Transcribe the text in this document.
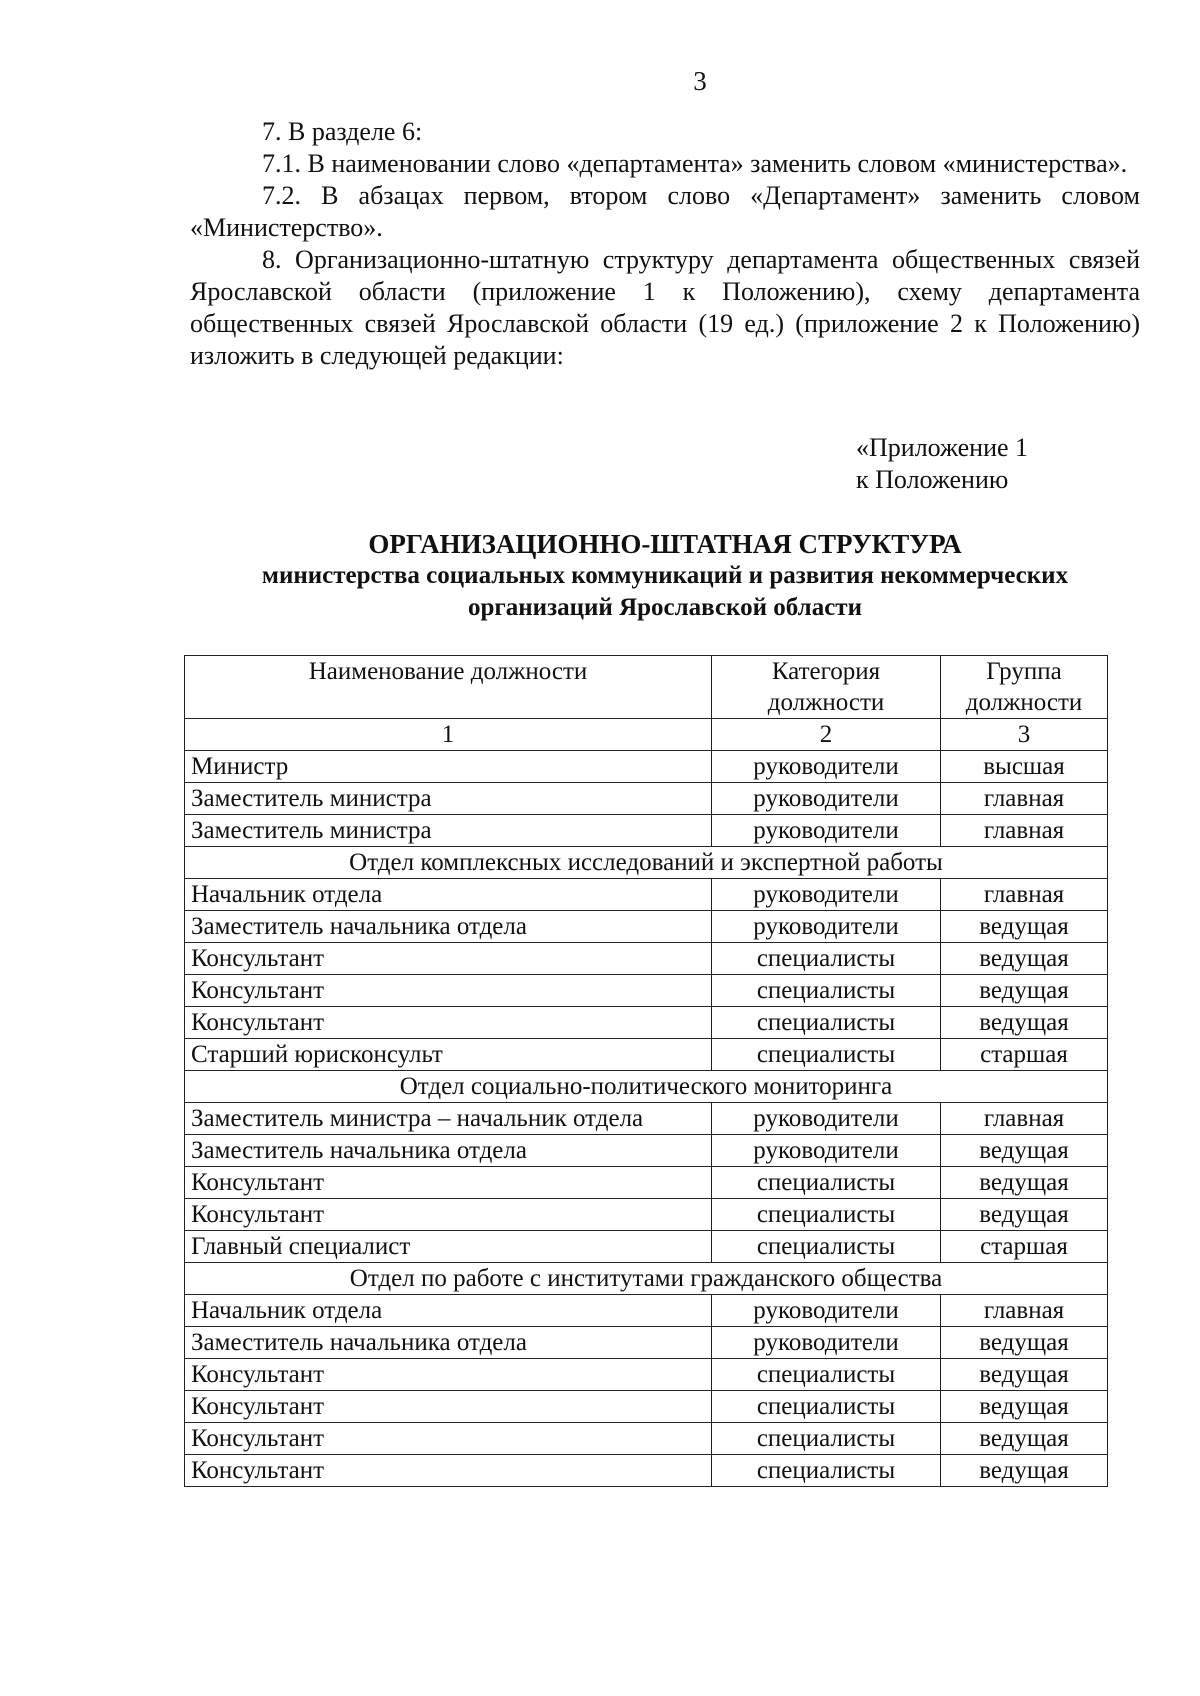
3

7. В разделе 6:

7.1. В наименовании слово «департамента» заменить словом «министерства».

7.2. В абзацах первом, втором слово «Департамент» заменить словом «Министерство».

8. Организационно-штатную структуру департамента общественных связей Ярославской области (приложение 1 к Положению), схему департамента общественных связей Ярославской области (19 ед.) (приложение 2 к Положению) изложить в следующей редакции:

«Приложение 1
к Положению
ОРГАНИЗАЦИОННО-ШТАТНАЯ СТРУКТУРА
министерства социальных коммуникаций и развития некоммерческих
организаций Ярославской области
Наименование должности	Категория должности	Группа должности
1	2	3
Министр	руководители	высшая
Заместитель министра	руководители	главная
Заместитель министра	руководители	главная
Отдел комплексных исследований и экспертной работы		
Начальник отдела	руководители	главная
Заместитель начальника отдела	руководители	ведущая
Консультант	специалисты	ведущая
Консультант	специалисты	ведущая
Консультант	специалисты	ведущая
Старший юрисконсульт	специалисты	старшая
Отдел социально-политического мониторинга		
Заместитель министра – начальник отдела	руководители	главная
Заместитель начальника отдела	руководители	ведущая
Консультант	специалисты	ведущая
Консультант	специалисты	ведущая
Главный специалист	специалисты	старшая
Отдел по работе с институтами гражданского общества		
Начальник отдела	руководители	главная
Заместитель начальника отдела	руководители	ведущая
Консультант	специалисты	ведущая
Консультант	специалисты	ведущая
Консультант	специалисты	ведущая
Консультант	специалисты	ведущая
